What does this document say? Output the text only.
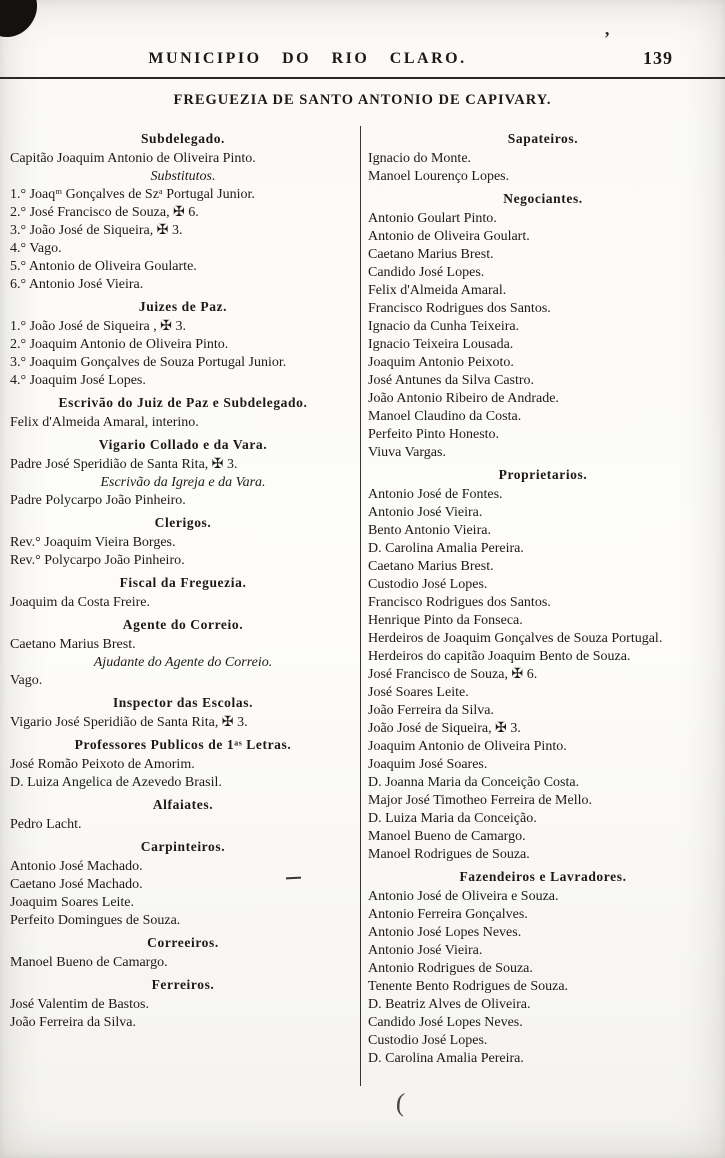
’
MUNICIPIO DO RIO CLARO.	139
FREGUEZIA DE SANTO ANTONIO DE CAPIVARY.
Subdelegado.
Capitão Joaquim Antonio de Oliveira Pinto.
Substitutos.
1.° Joaqᵐ Gonçalves de Szᵃ Portugal Junior.
2.° José Francisco de Souza, ✠ 6.
3.° João José de Siqueira, ✠ 3.
4.° Vago.
5.° Antonio de Oliveira Goularte.
6.° Antonio José Vieira.
Juizes de Paz.
1.° João José de Siqueira , ✠ 3.
2.° Joaquim Antonio de Oliveira Pinto.
3.° Joaquim Gonçalves de Souza Portugal Junior.
4.° Joaquim José Lopes.
Escrivão do Juiz de Paz e Subdelegado.
Felix d'Almeida Amaral, interino.
Vigario Collado e da Vara.
Padre José Speridião de Santa Rita, ✠ 3.
Escrivão da Igreja e da Vara.
Padre Polycarpo João Pinheiro.
Clerigos.
Rev.° Joaquim Vieira Borges.
Rev.° Polycarpo João Pinheiro.
Fiscal da Freguezia.
Joaquim da Costa Freire.
Agente do Correio.
Caetano Marius Brest.
Ajudante do Agente do Correio.
Vago.
Inspector das Escolas.
Vigario José Speridião de Santa Rita, ✠ 3.
Professores Publicos de 1ᵃˢ Letras.
José Romão Peixoto de Amorim.
D. Luiza Angelica de Azevedo Brasil.
Alfaiates.
Pedro Lacht.
Carpinteiros.
Antonio José Machado.
Caetano José Machado.
Joaquim Soares Leite.
Perfeito Domingues de Souza.
Correeiros.
Manoel Bueno de Camargo.
Ferreiros.
José Valentim de Bastos.
João Ferreira da Silva.
Sapateiros.
Ignacio do Monte.
Manoel Lourenço Lopes.
Negociantes.
Antonio Goulart Pinto.
Antonio de Oliveira Goulart.
Caetano Marius Brest.
Candido José Lopes.
Felix d'Almeida Amaral.
Francisco Rodrigues dos Santos.
Ignacio da Cunha Teixeira.
Ignacio Teixeira Lousada.
Joaquim Antonio Peixoto.
José Antunes da Silva Castro.
João Antonio Ribeiro de Andrade.
Manoel Claudino da Costa.
Perfeito Pinto Honesto.
Viuva Vargas.
Proprietarios.
Antonio José de Fontes.
Antonio José Vieira.
Bento Antonio Vieira.
D. Carolina Amalia Pereira.
Caetano Marius Brest.
Custodio José Lopes.
Francisco Rodrigues dos Santos.
Henrique Pinto da Fonseca.
Herdeiros de Joaquim Gonçalves de Souza Portugal.
Herdeiros do capitão Joaquim Bento de Souza.
José Francisco de Souza, ✠ 6.
José Soares Leite.
João Ferreira da Silva.
João José de Siqueira, ✠ 3.
Joaquim Antonio de Oliveira Pinto.
Joaquim José Soares.
D. Joanna Maria da Conceição Costa.
Major José Timotheo Ferreira de Mello.
D. Luiza Maria da Conceição.
Manoel Bueno de Camargo.
Manoel Rodrigues de Souza.
Fazendeiros e Lavradores.
Antonio José de Oliveira e Souza.
Antonio Ferreira Gonçalves.
Antonio José Lopes Neves.
Antonio José Vieira.
Antonio Rodrigues de Souza.
Tenente Bento Rodrigues de Souza.
D. Beatriz Alves de Oliveira.
Candido José Lopes Neves.
Custodio José Lopes.
D. Carolina Amalia Pereira.
(
